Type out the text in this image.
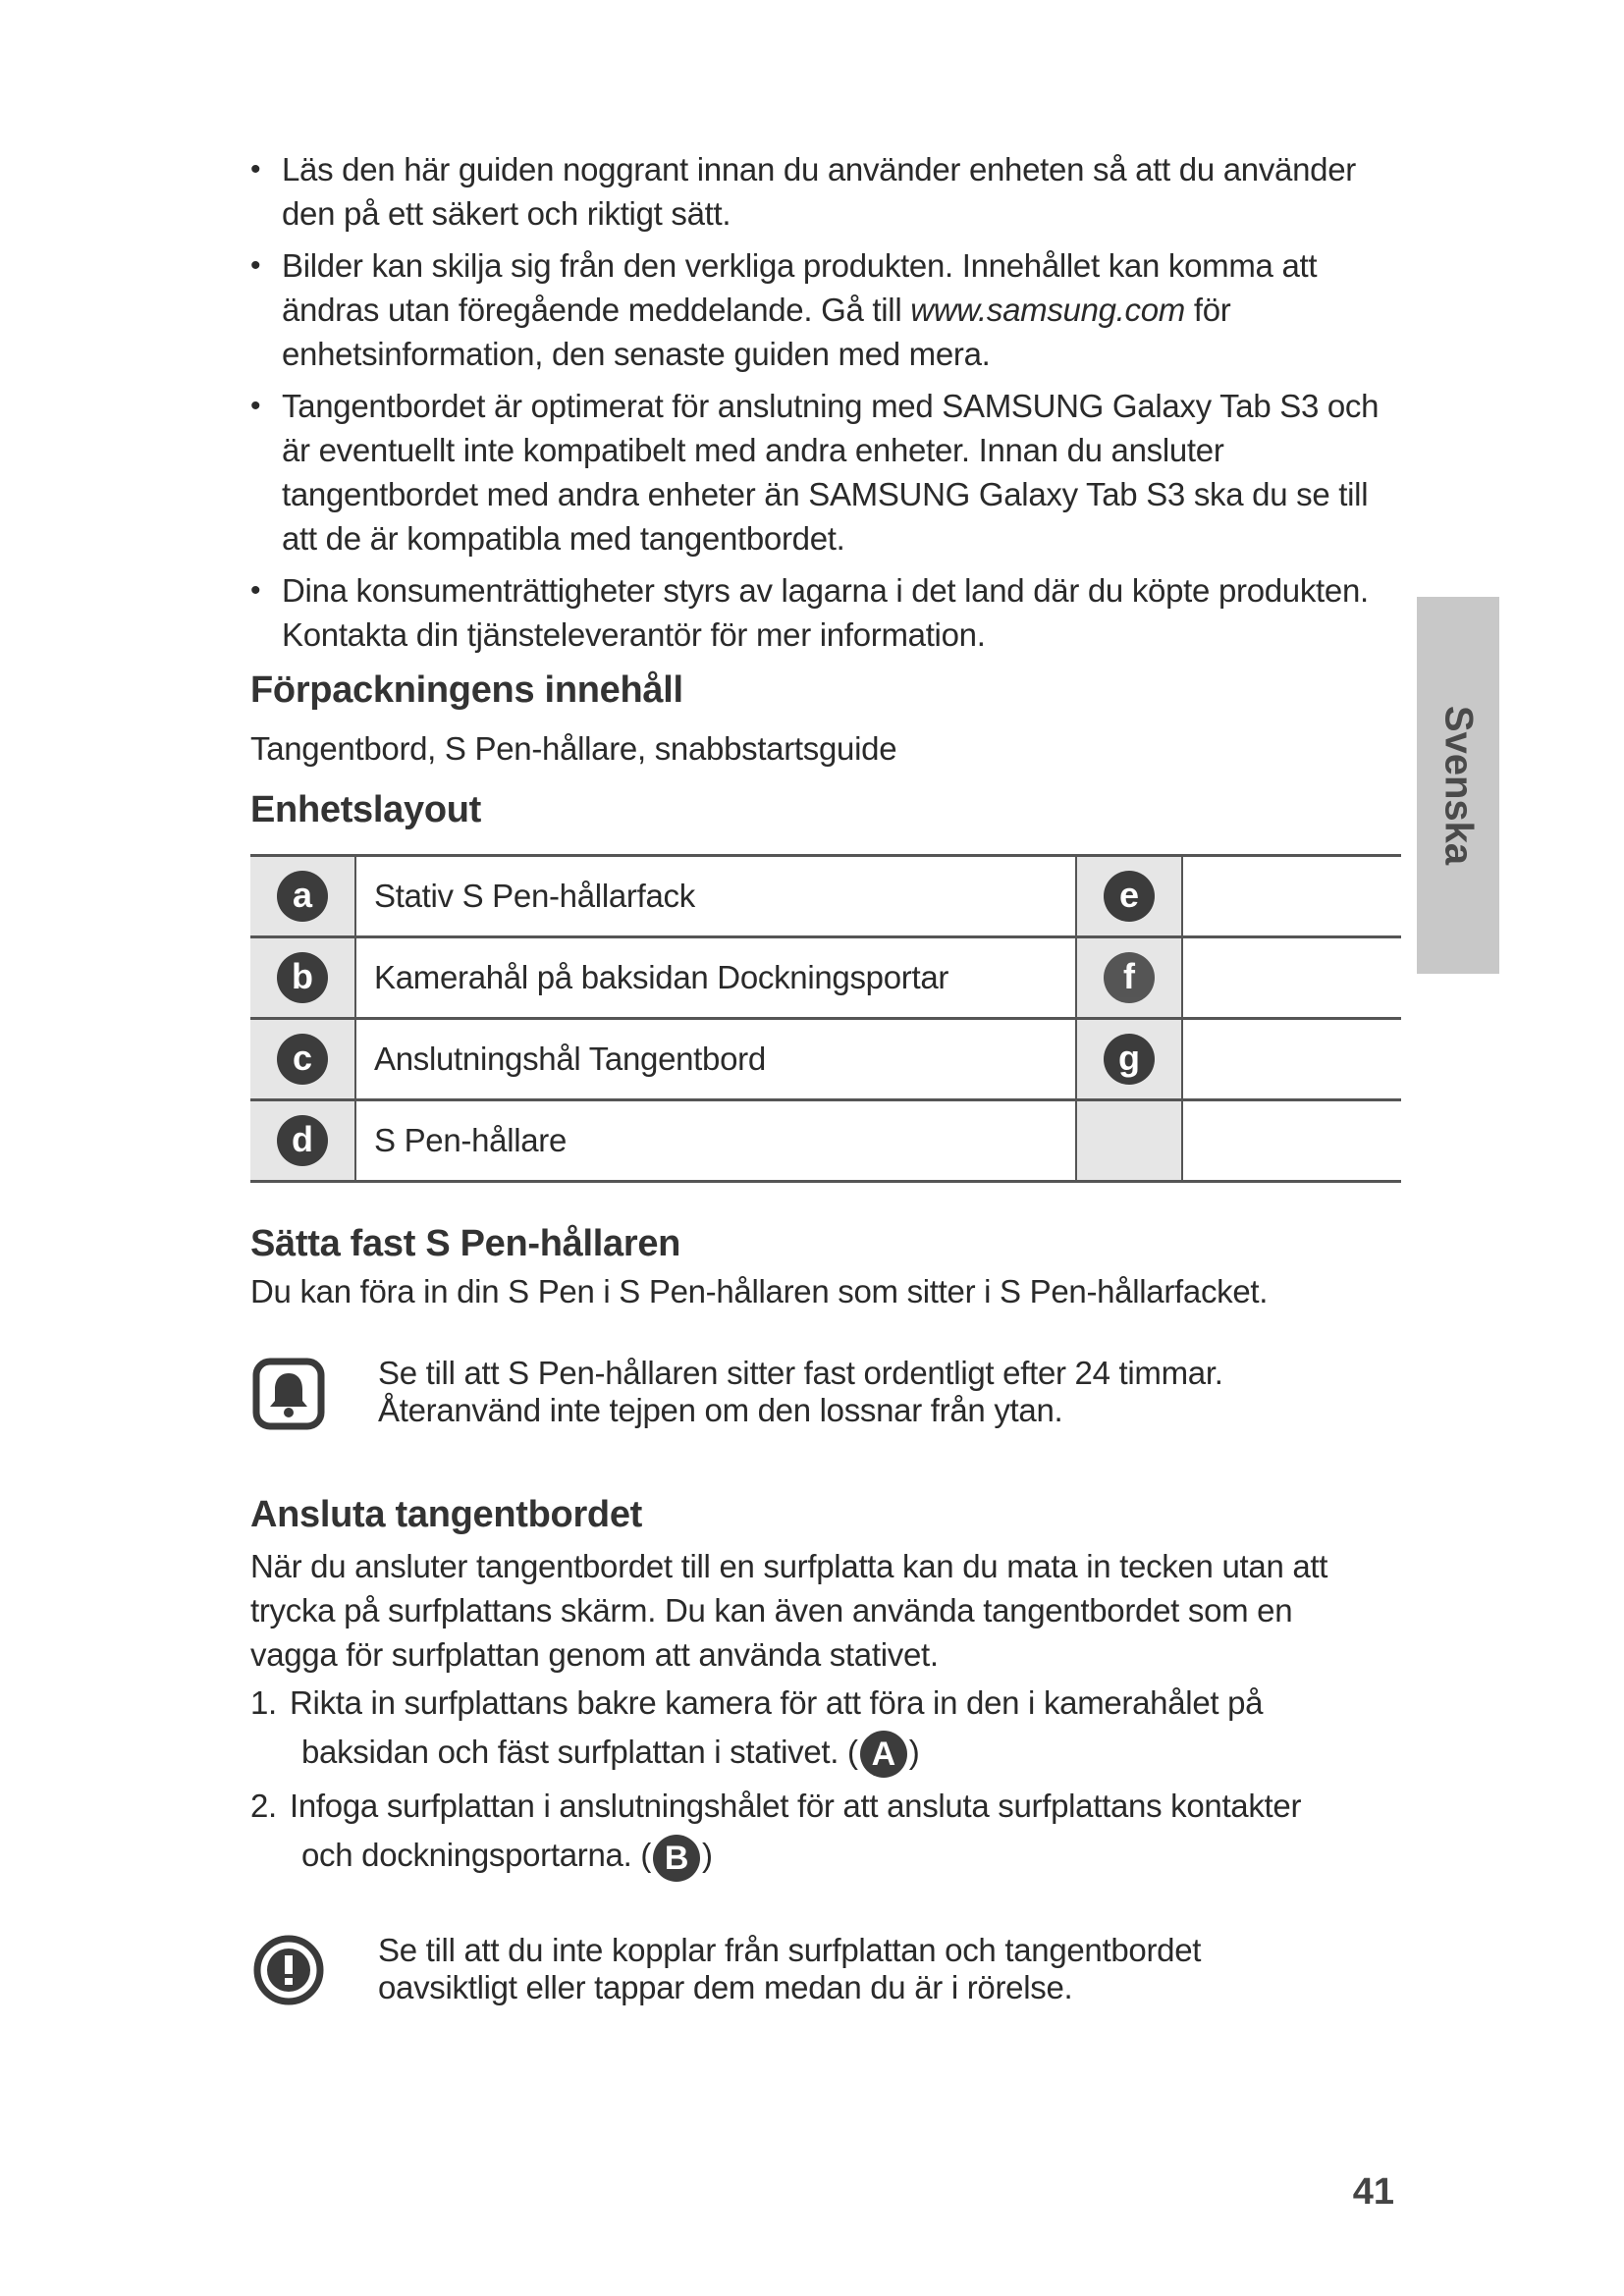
• Läs den här guiden noggrant innan du använder enheten så att du använder den på ett säkert och riktigt sätt.
• Bilder kan skilja sig från den verkliga produkten. Innehållet kan komma att ändras utan föregående meddelande. Gå till www.samsung.com för enhetsinformation, den senaste guiden med mera.
• Tangentbordet är optimerat för anslutning med SAMSUNG Galaxy Tab S3 och är eventuellt inte kompatibelt med andra enheter. Innan du ansluter tangentbordet med andra enheter än SAMSUNG Galaxy Tab S3 ska du se till att de är kompatibla med tangentbordet.
• Dina konsumenträttigheter styrs av lagarna i det land där du köpte produkten. Kontakta din tjänsteleverantör för mer information.
Svenska
Förpackningens innehåll

Tangentbord, S Pen-hållare, snabbstartsguide

Enhetslayout
a	Stativ S Pen-hållarfack	e
b	Kamerahål på baksidan Dockningsportar	f
c	Anslutningshål Tangentbord	g
d	S Pen-hållare
Sätta fast S Pen-hållaren

Du kan föra in din S Pen i S Pen-hållaren som sitter i S Pen-hållarfacket.

Se till att S Pen-hållaren sitter fast ordentligt efter 24 timmar.

Återanvänd inte tejpen om den lossnar från ytan.

Ansluta tangentbordet

När du ansluter tangentbordet till en surfplatta kan du mata in tecken utan att trycka på surfplattans skärm. Du kan även använda tangentbordet som en vagga för surfplattan genom att använda stativet.

1. Rikta in surfplattans bakre kamera för att föra in den i kamerahålet på
baksidan och fäst surfplattan i stativet. ( A )
2. Infoga surfplattan i anslutningshålet för att ansluta surfplattans kontakter
och dockningsportarna. ( B )

Se till att du inte kopplar från surfplattan och tangentbordet

oavsiktligt eller tappar dem medan du är i rörelse.

41
